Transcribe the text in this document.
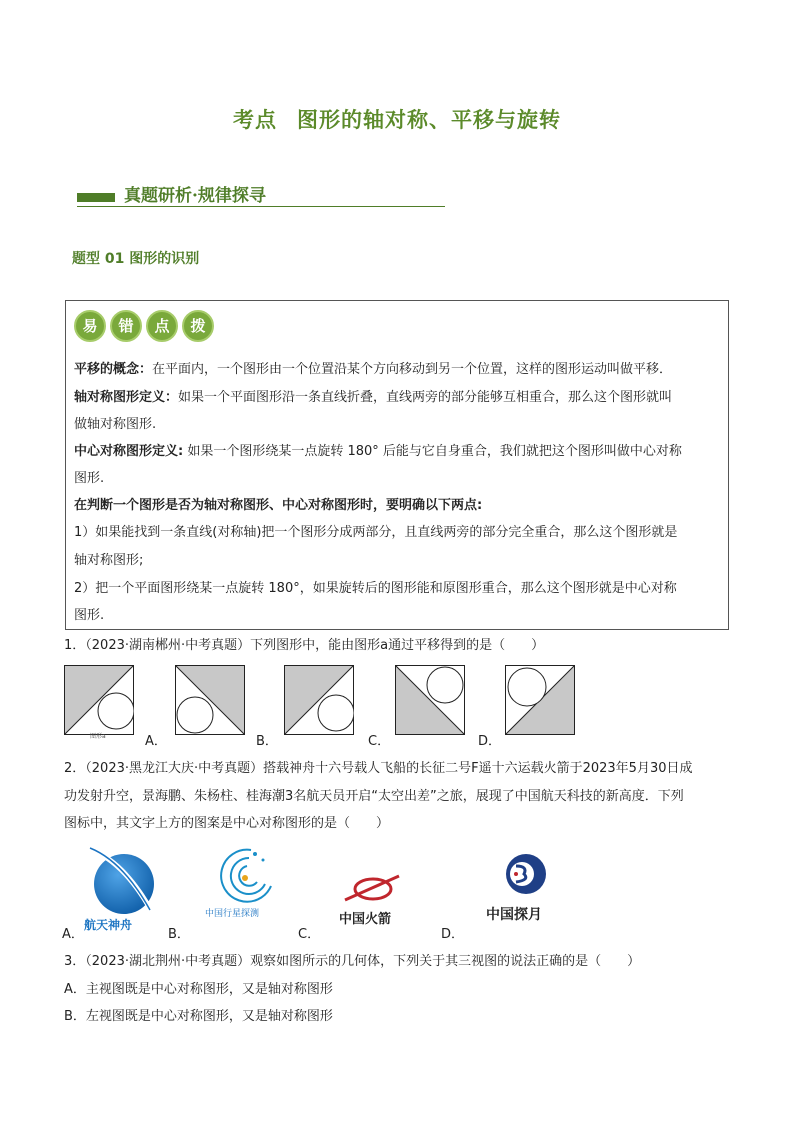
考点 图形的轴对称、平移与旋转
真题研析·规律探寻
题型 01 图形的识别
易	错	点	拨
平移的概念：在平面内，一个图形由一个位置沿某个方向移动到另一个位置，这样的图形运动叫做平移．
轴对称图形定义：如果一个平面图形沿一条直线折叠，直线两旁的部分能够互相重合，那么这个图形就叫
做轴对称图形.
中心对称图形定义: 如果一个图形绕某一点旋转 180° 后能与它自身重合，我们就把这个图形叫做中心对称
图形.
在判断一个图形是否为轴对称图形、中心对称图形时，要明确以下两点:
1）如果能找到一条直线(对称轴)把一个图形分成两部分，且直线两旁的部分完全重合，那么这个图形就是
轴对称图形;
2）把一个平面图形绕某一点旋转 180°，如果旋转后的图形能和原图形重合，那么这个图形就是中心对称
图形.
1．（2023·湖南郴州·中考真题）下列图形中，能由图形a通过平移得到的是（　　）
图形a	A．	B．	C．	D．
2．（2023·黑龙江大庆·中考真题）搭载神舟十六号载人飞船的长征二号F遥十六运载火箭于2023年5月30日成
功发射升空，景海鹏、朱杨柱、桂海潮3名航天员开启“太空出差”之旅，展现了中国航天科技的新高度．下列
图标中，其文字上方的图案是中心对称图形的是（　　）
航天神舟
A．
中国行星探测
B．
中国火箭
C．
中国探月
D．
3．（2023·湖北荆州·中考真题）观察如图所示的几何体，下列关于其三视图的说法正确的是（　　）
A．主视图既是中心对称图形，又是轴对称图形
B．左视图既是中心对称图形，又是轴对称图形
